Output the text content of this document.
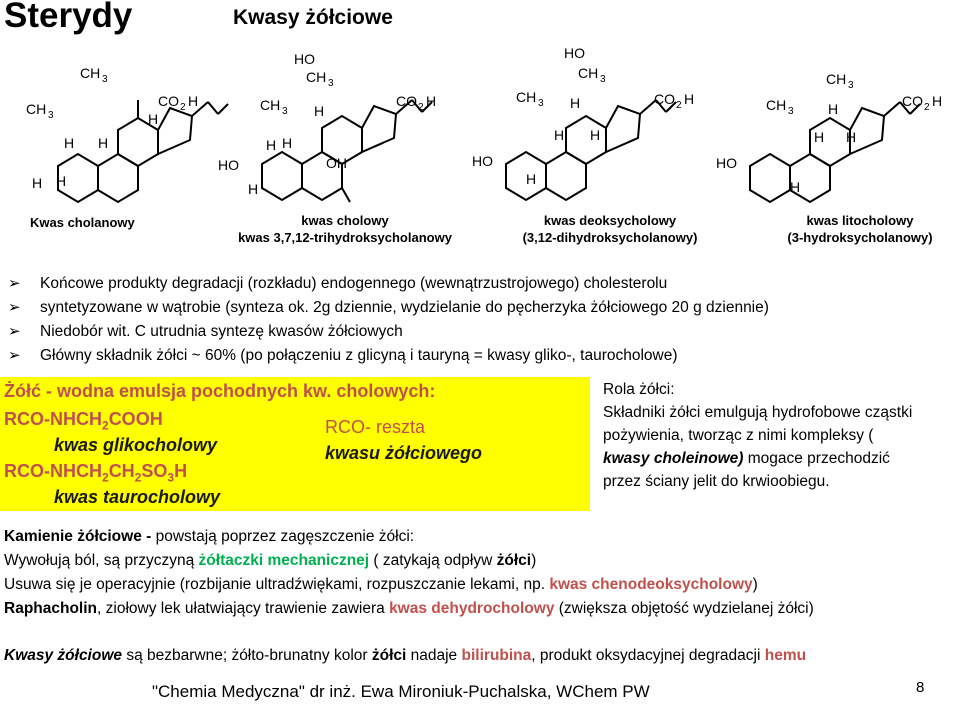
Sterydy	Kwasy żółciowe
CH 3
CH 3
CO 2 H
H
H
H
H
H
HO
CH 3
CH 3
CO 2 H
H
H H
HO	OH
H
HO
CH 3
CH 3	CO 2 H
H
H H
HO
H
CH 3
CH 3
CO 2 H
H
H H
HO
H
Kwas cholanowy	kwas cholowy
kwas 3,7,12-trihydroksycholanowy
kwas deoksycholowy
(3,12-dihydroksycholanowy)
kwas litocholowy
(3-hydroksycholanowy)
➢ Końcowe produkty degradacji (rozkładu) endogennego (wewnątrzustrojowego) cholesterolu
➢ syntetyzowane w wątrobie (synteza ok. 2g dziennie, wydzielanie do pęcherzyka żółciowego 20 g dziennie)
➢ Niedobór wit. C utrudnia syntezę kwasów żółciowych
➢ Główny składnik żółci ~ 60% (po połączeniu z glicyną i tauryną = kwasy gliko-, taurocholowe)
Żółć - wodna emulsja pochodnych kw. cholowych:
RCO-$NHCH_2COOH$
kwas glikocholowy
RCO-$NHCH_2CH_2SO_3H$
kwas taurocholowy
RCO- reszta
kwasu żółciowego
Rola żółci:
Składniki żółci emulgują hydrofobowe cząstki
pożywienia, tworząc z nimi kompleksy (
kwasy choleinowe) mogace przechodzić
przez ściany jelit do krwioobiegu.
Kamienie żółciowe - powstają poprzez zagęszczenie żółci:
Wywołują ból, są przyczyną żółtaczki mechanicznej ( zatykają odpływ żółci)
Usuwa się je operacyjnie (rozbijanie ultradźwiękami, rozpuszczanie lekami, np. kwas chenodeoksycholowy)
Raphacholin, ziołowy lek ułatwiający trawienie zawiera kwas dehydrocholowy (zwiększa objętość wydzielanej żółci)
Kwasy żółciowe są bezbarwne; żółto-brunatny kolor żółci nadaje bilirubina, produkt oksydacyjnej degradacji hemu
"Chemia Medyczna" dr inż. Ewa Mironiuk-Puchalska, WChem PW	8
